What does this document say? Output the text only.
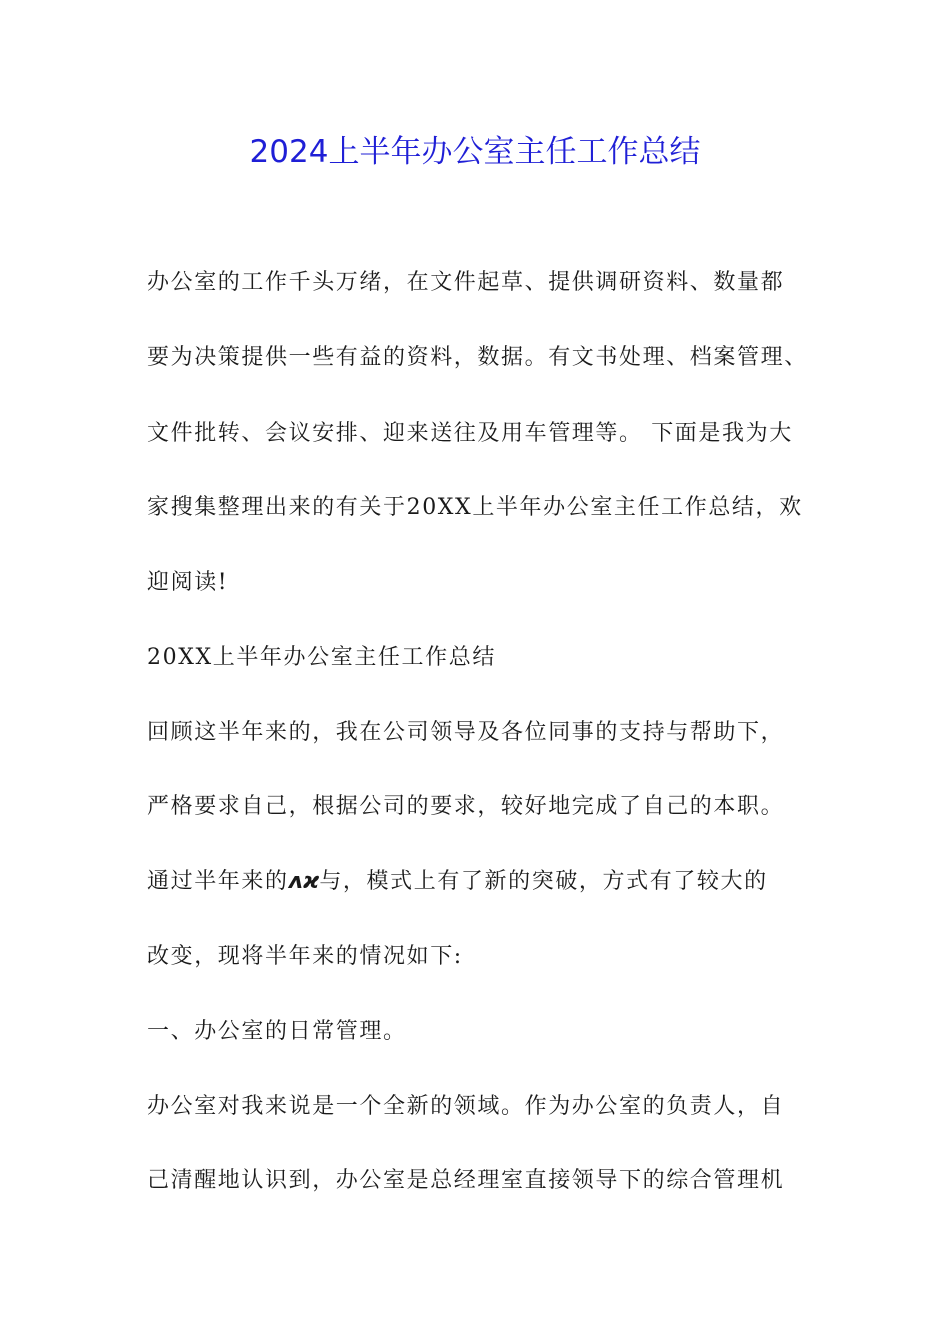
2024上半年办公室主任工作总结
办公室的工作千头万绪，在文件起草、提供调研资料、数量都
要为决策提供一些有益的资料，数据。有文书处理、档案管理、
文件批转、会议安排、迎来送往及用车管理等。 下面是我为大
家搜集整理出来的有关于20XX上半年办公室主任工作总结，欢
迎阅读!
20XX上半年办公室主任工作总结
回顾这半年来的，我在公司领导及各位同事的支持与帮助下，
严格要求自己，根据公司的要求，较好地完成了自己的本职。
通过半年来的ᴧϰ与，模式上有了新的突破，方式有了较大的
改变，现将半年来的情况如下:
一、办公室的日常管理。
办公室对我来说是一个全新的领域。作为办公室的负责人，自
己清醒地认识到，办公室是总经理室直接领导下的综合管理机
